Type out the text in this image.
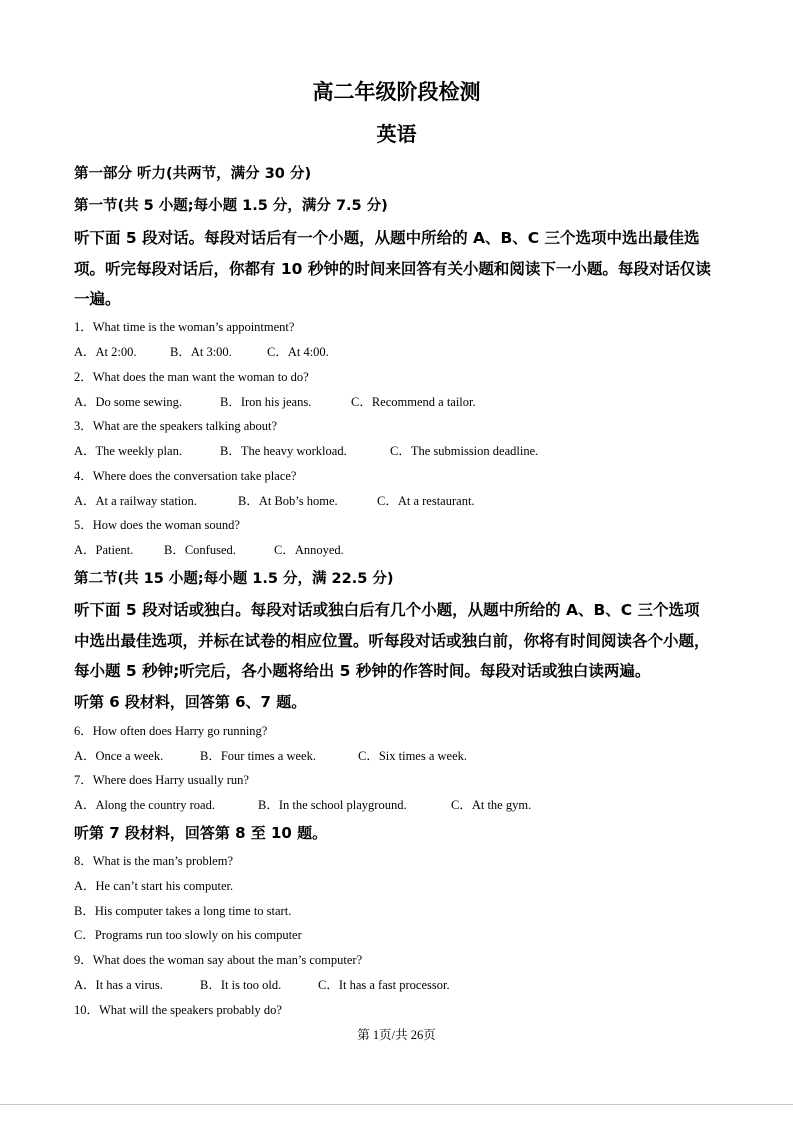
高二年级阶段检测
英语
第一部分 听力(共两节，满分 30 分)
第一节(共 5 小题;每小题 1.5 分，满分 7.5 分)
听下面 5 段对话。每段对话后有一个小题，从题中所给的 A、B、C 三个选项中选出最佳选
项。听完每段对话后，你都有 10 秒钟的时间来回答有关小题和阅读下一小题。每段对话仅读
一遍。
1．What time is the woman’s appointment?
A．At 2:00.	B．At 3:00.	C．At 4:00.
2．What does the man want the woman to do?
A．Do some sewing.	B．Iron his jeans.	C．Recommend a tailor.
3．What are the speakers talking about?
A．The weekly plan.	B．The heavy workload.	C．The submission deadline.
4．Where does the conversation take place?
A．At a railway station.	B．At Bob’s home.	C．At a restaurant.
5．How does the woman sound?
A．Patient. B．Confused.	C．Annoyed.
第二节(共 15 小题;每小题 1.5 分，满 22.5 分)
听下面 5 段对话或独白。每段对话或独白后有几个小题，从题中所给的 A、B、C 三个选项
中选出最佳选项，并标在试卷的相应位置。听每段对话或独白前，你将有时间阅读各个小题，
每小题 5 秒钟;听完后，各小题将给出 5 秒钟的作答时间。每段对话或独白读两遍。
听第 6 段材料，回答第 6、7 题。
6．How often does Harry go running?
A．Once a week.	B．Four times a week.	C．Six times a week.
7．Where does Harry usually run?
A．Along the country road.	B．In the school playground.	C．At the gym.
听第 7 段材料，回答第 8 至 10 题。
8．What is the man’s problem?
A．He can’t start his computer.
B．His computer takes a long time to start.
C．Programs run too slowly on his computer
9．What does the woman say about the man’s computer?
A．It has a virus.	B．It is too old.	C．It has a fast processor.
10．What will the speakers probably do?
第 1页/共 26页
